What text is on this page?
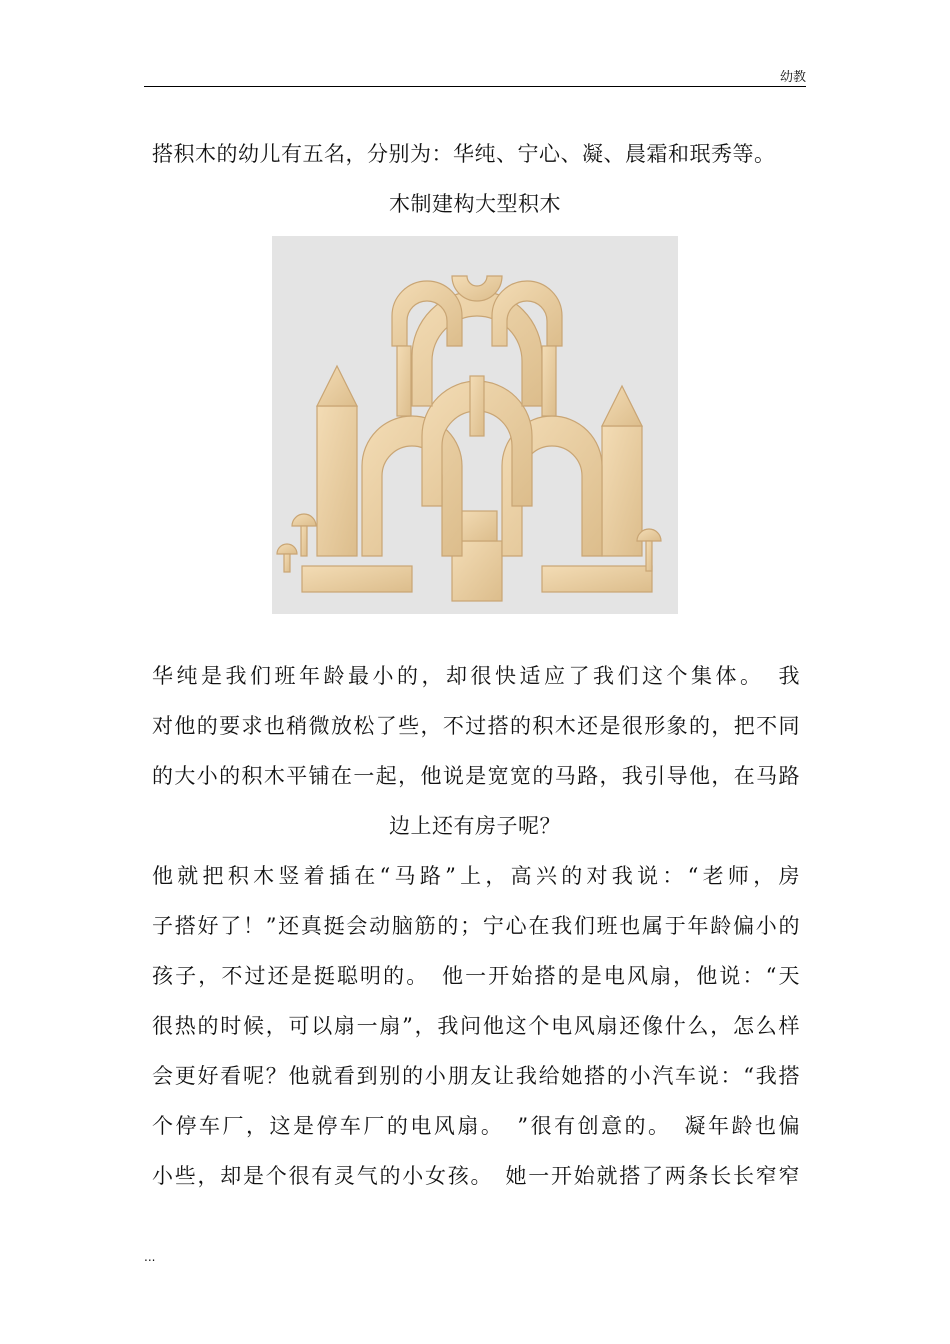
幼教
搭积木的幼儿有五名，分别为：华纯、宁心、凝、晨霜和珉秀等。
木制建构大型积木
华纯是我们班年龄最小的，却很快适应了我们这个集体。　我
对他的要求也稍微放松了些，不过搭的积木还是很形象的，把不同
的大小的积木平铺在一起，他说是宽宽的马路，我引导他，在马路
边上还有房子呢？
他就把积木竖着插在“马路”上，高兴的对我说：“老师，房
子搭好了！”还真挺会动脑筋的；宁心在我们班也属于年龄偏小的
孩子，不过还是挺聪明的。　他一开始搭的是电风扇，他说：“天
很热的时候，可以扇一扇”，我问他这个电风扇还像什么，怎么样
会更好看呢？他就看到别的小朋友让我给她搭的小汽车说：“我搭
个停车厂，这是停车厂的电风扇。　”很有创意的。　凝年龄也偏
小些，却是个很有灵气的小女孩。　她一开始就搭了两条长长窄窄
...
